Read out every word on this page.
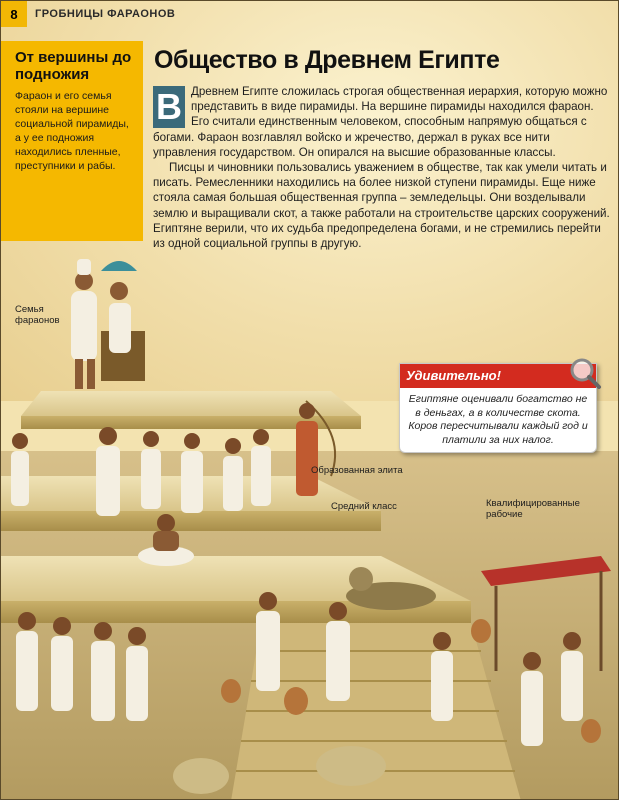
8	ГРОБНИЦЫ ФАРАОНОВ
От вершины до подножия
Фараон и его семья стояли на вершине социальной пирамиды, а у ее подножия находились пленные, преступники и рабы.
Общество в Древнем Египте

В Древнем Египте сложилась строгая общественная иерархия, которую можно представить в виде пирамиды. На вершине пирамиды находился фараон. Его считали единственным человеком, способным напрямую общаться с богами. Фараон возглавлял войско и жречество, держал в руках все нити управления государством. Он опирался на высшие образованные классы.

Писцы и чиновники пользовались уважением в обществе, так как умели читать и писать. Ремесленники находились на более низкой ступени пирамиды. Еще ниже стояла самая большая общественная группа – земледельцы. Они возделывали землю и выращивали скот, а также работали на строительстве царских сооружений. Египтяне верили, что их судьба предопределена богами, и не стремились перейти из одной социальной группы в другую.

Семья фараонов
Образованная элита
Средний класс	Квалифицированные рабочие
Удивительно!
Египтяне оценивали богатство не в деньгах, а в количестве скота. Коров пересчитывали каждый год и платили за них налог.
